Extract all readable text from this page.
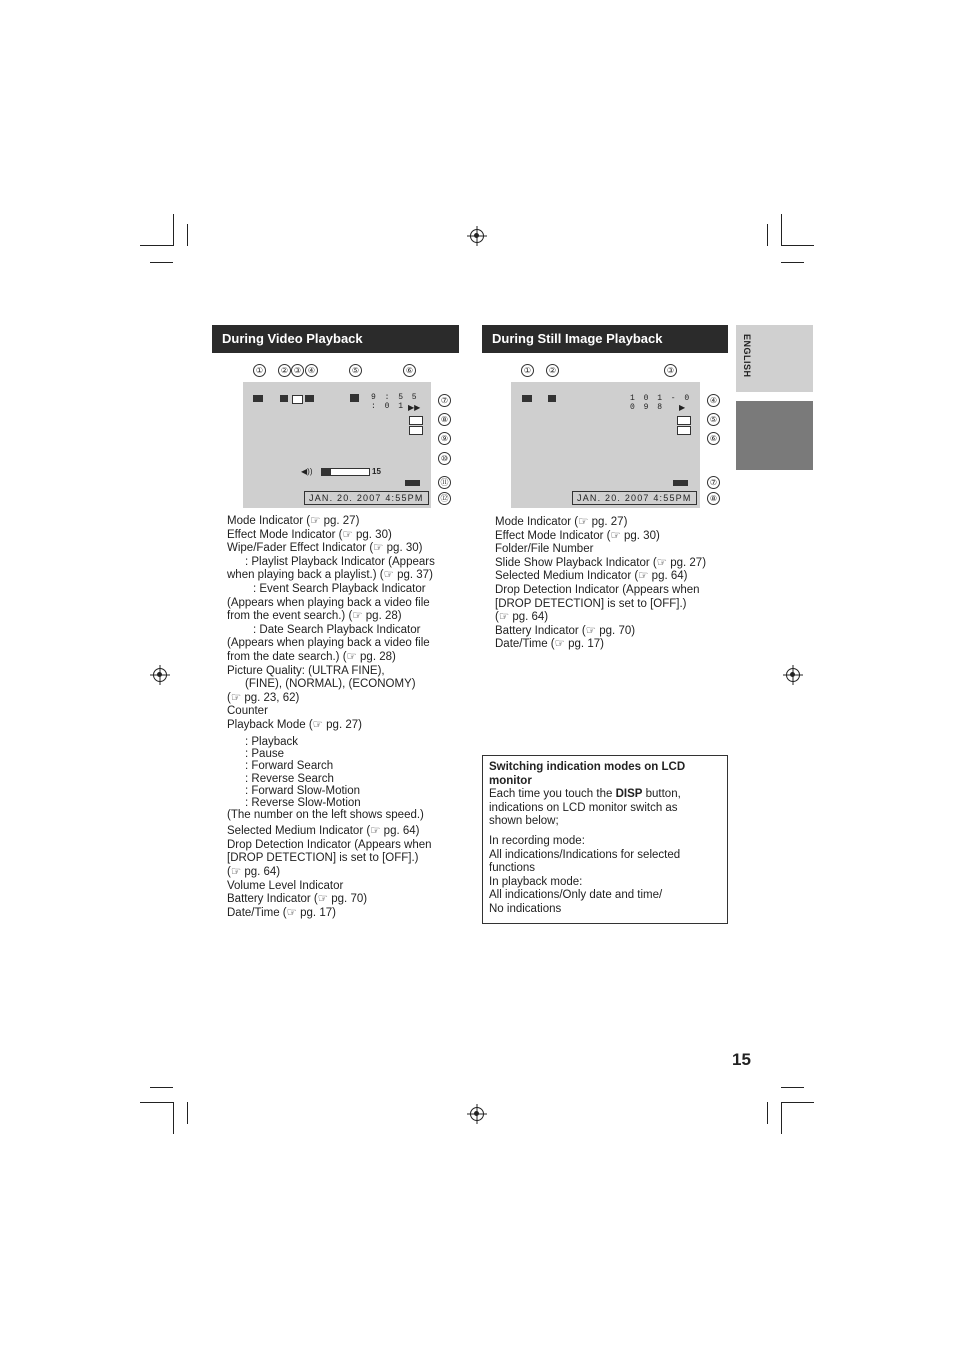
ENGLISH
During Video Playback
9 : 5 5 : 0 1 ▶▶
◀))	15
JAN. 20. 2007 4:55PM
①	② ③ ④	⑤	⑥
⑦
⑧
⑨
⑩
⑪
⑫
Mode Indicator (☞ pg. 27)
Effect Mode Indicator (☞ pg. 30)
Wipe/Fader Effect Indicator (☞ pg. 30)
: Playlist Playback Indicator (Appears
when playing back a playlist.) (☞ pg. 37)
: Event Search Playback Indicator
(Appears when playing back a video file
from the event search.) (☞ pg. 28)
: Date Search Playback Indicator
(Appears when playing back a video file
from the date search.) (☞ pg. 28)
Picture Quality: (ULTRA FINE),
(FINE), (NORMAL), (ECONOMY)
(☞ pg. 23, 62)
Counter
Playback Mode (☞ pg. 27)
: Playback
: Pause
: Forward Search
: Reverse Search
: Forward Slow-Motion
: Reverse Slow-Motion
(The number on the left shows speed.)
Selected Medium Indicator (☞ pg. 64)
Drop Detection Indicator (Appears when
[DROP DETECTION] is set to [OFF].)
(☞ pg. 64)
Volume Level Indicator
Battery Indicator (☞ pg. 70)
Date/Time (☞ pg. 17)
During Still Image Playback
1 0 1 - 0 0 9 8	▶
JAN. 20. 2007 4:55PM
①	②	③
④
⑤
⑥
⑦
⑧
Mode Indicator (☞ pg. 27)
Effect Mode Indicator (☞ pg. 30)
Folder/File Number
Slide Show Playback Indicator (☞ pg. 27)
Selected Medium Indicator (☞ pg. 64)
Drop Detection Indicator (Appears when
[DROP DETECTION] is set to [OFF].)
(☞ pg. 64)
Battery Indicator (☞ pg. 70)
Date/Time (☞ pg. 17)
Switching indication modes on LCD
monitor
Each time you touch the DISP button,
indications on LCD monitor switch as
shown below;
In recording mode:
All indications/Indications for selected
functions
In playback mode:
All indications/Only date and time/
No indications
15
